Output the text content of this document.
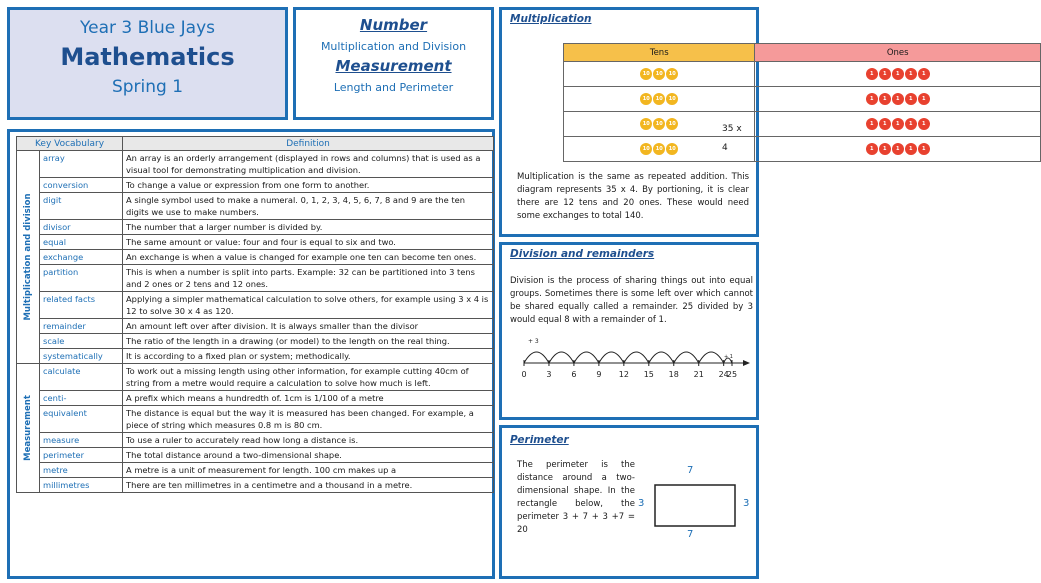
Year 3 Blue Jays
Mathematics
Spring 1
Number
Multiplication and Division
Measurement
Length and Perimeter
Key Vocabulary		Definition

Multiplication and division	array	An array is an orderly arrangement (displayed in rows and columns) that is used as a visual tool for demonstrating multiplication and division.
	conversion	To change a value or expression from one form to another.
	digit	A single symbol used to make a numeral. 0, 1, 2, 3, 4, 5, 6, 7, 8 and 9 are the ten digits we use to make numbers.
	divisor	The number that a larger number is divided by.
	equal	The same amount or value: four and four is equal to six and two.
	exchange	An exchange is when a value is changed for example one ten can become ten ones.
	partition	This is when a number is split into parts. Example: 32 can be partitioned into 3 tens and 2 ones or 2 tens and 12 ones.
	related facts	Applying a simpler mathematical calculation to solve others, for example using 3 x 4 is 12 to solve 30 x 4 as 120.
	remainder	An amount left over after division. It is always smaller than the divisor
	scale	The ratio of the length in a drawing (or model) to the length on the real thing.
	systematically	It is according to a fixed plan or system; methodically.

Measurement	calculate	To work out a missing length using other information, for example cutting 40cm of string from a metre would require a calculation to solve how much is left.
	centi-	A prefix which means a hundredth of. 1cm is 1/100 of a metre
	equivalent	The distance is equal but the way it is measured has been changed. For example, a piece of string which measures 0.8 m is 80 cm.
	measure	To use a ruler to accurately read how long a distance is.
	perimeter	The total distance around a two-dimensional shape.
	metre	A metre is a unit of measurement for length. 100 cm makes up a
	millimetres	There are ten millimetres in a centimetre and a thousand in a metre.
Multiplication
Tens	Ones
10 10 10	1 1 1 1 1
10 10 10	1 1 1 1 1
10 10 10	1 1 1 1 1
10 10 10	1 1 1 1 1
35 x 4
Multiplication is the same as repeated addition. This diagram represents 35 x 4. By portioning, it is clear there are 12 tens and 20 ones. These would need some exchanges to total 140.
Division and remainders
Division is the process of sharing things out into equal groups. Sometimes there is some left over which cannot be shared equally called a remainder. 25 divided by 3 would equal 8 with a remainder of 1.
0 3 6 9 12 15 18 21 24
25
+ 3
+ 1
Perimeter
The perimeter is the distance around a two-dimensional shape. In the rectangle below, the perimeter 3 + 7 + 3 +7 = 20
7
7
3	3
